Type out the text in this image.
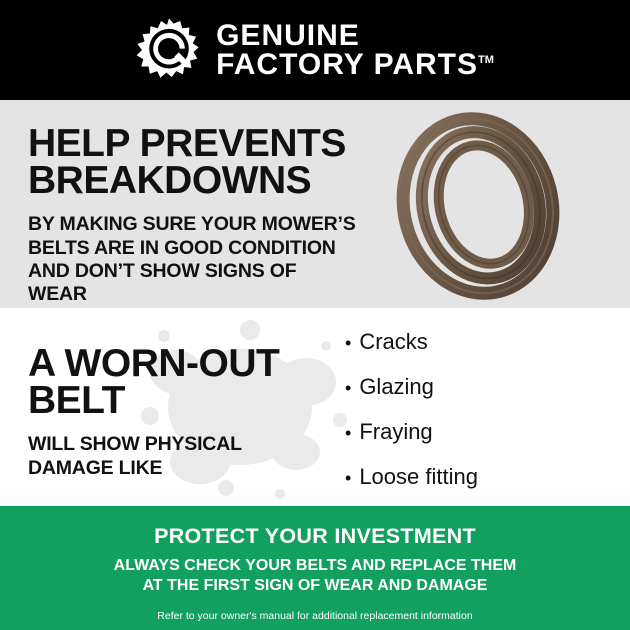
GENUINE
FACTORY PARTS™
HELP PREVENTS
BREAKDOWNS
BY MAKING SURE YOUR MOWER’S
BELTS ARE IN GOOD CONDITION
AND DON’T SHOW SIGNS OF WEAR
A WORN-OUT
BELT
WILL SHOW PHYSICAL
DAMAGE LIKE
• Cracks
• Glazing
• Fraying
• Loose fitting
PROTECT YOUR INVESTMENT
ALWAYS CHECK YOUR BELTS AND REPLACE THEM
AT THE FIRST SIGN OF WEAR AND DAMAGE
Refer to your owner's manual for additional replacement information
